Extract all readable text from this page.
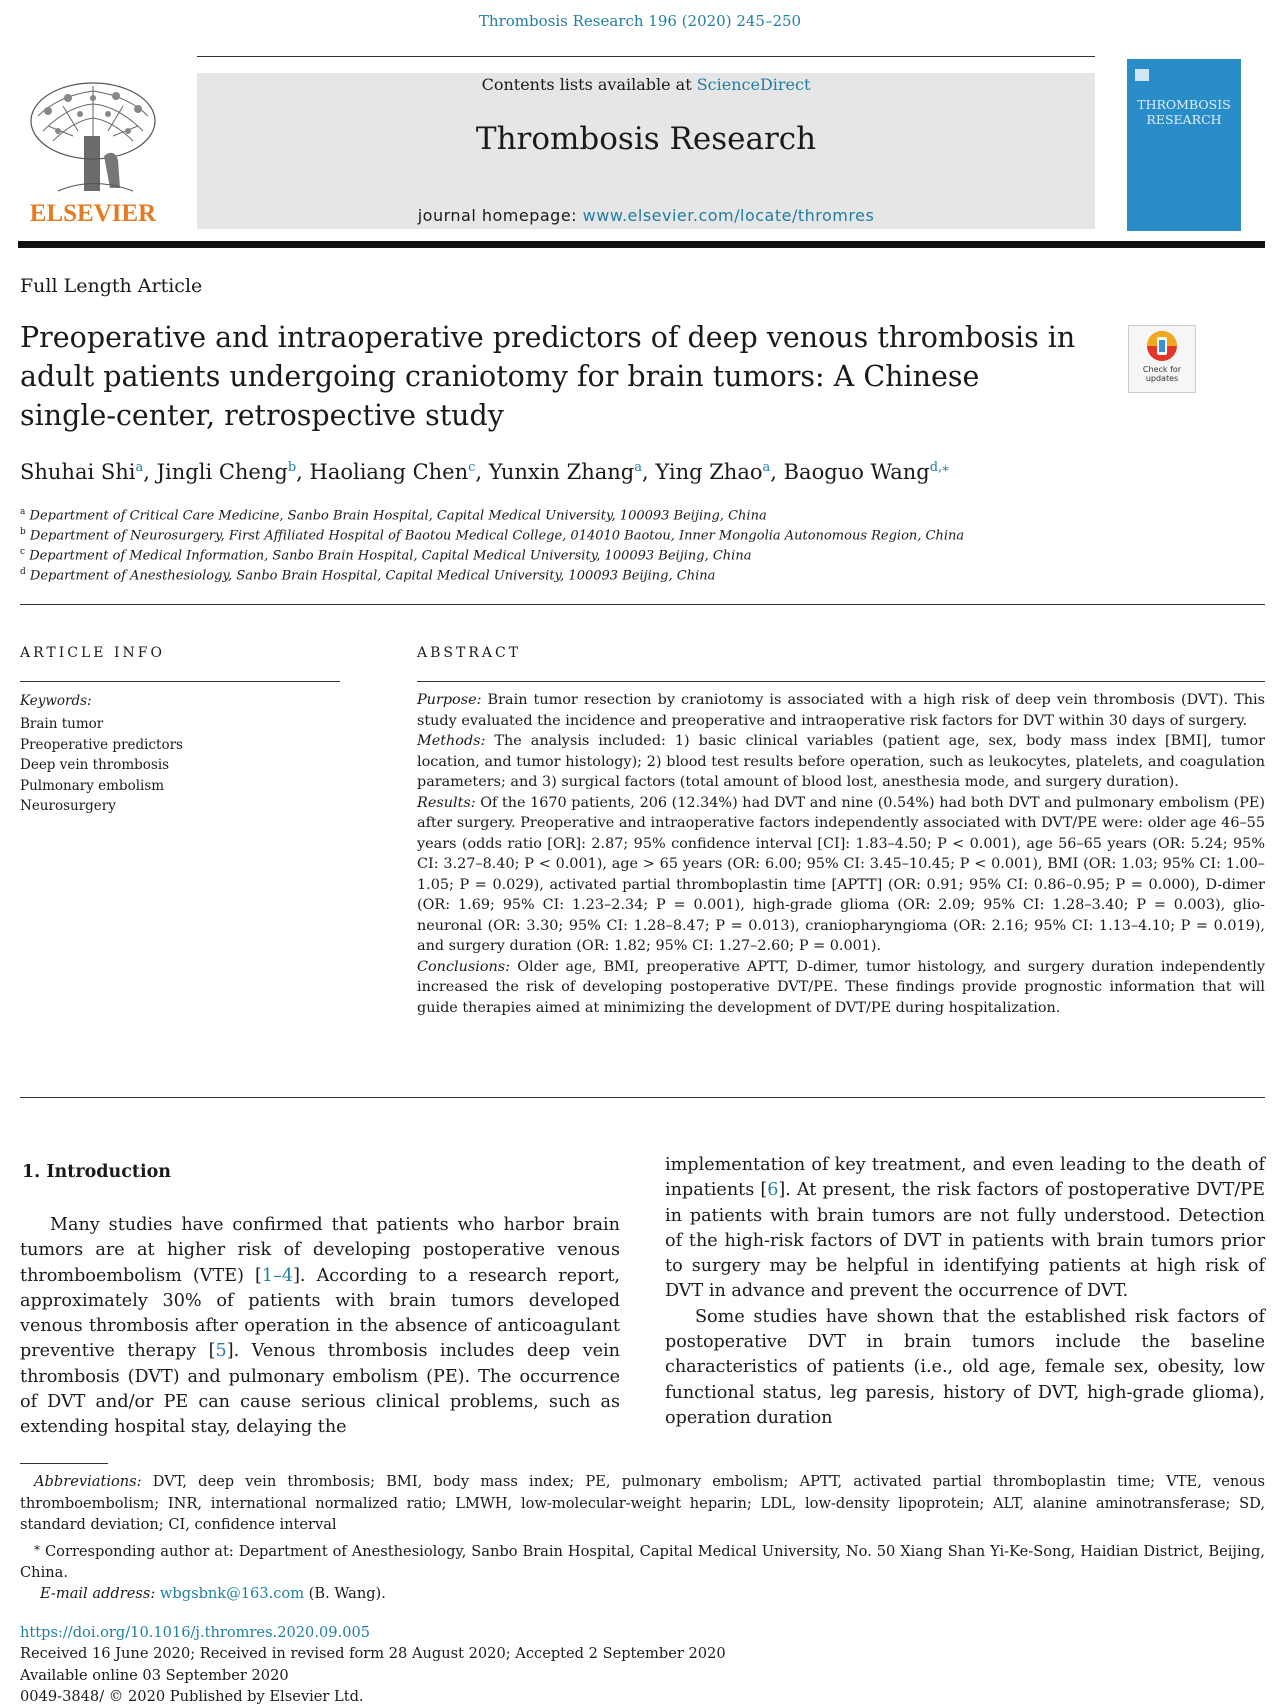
Thrombosis Research 196 (2020) 245–250
ELSEVIER
Contents lists available at ScienceDirect
Thrombosis Research
journal homepage: www.elsevier.com/locate/thromres
THROMBOSIS
RESEARCH
Full Length Article
Preoperative and intraoperative predictors of deep venous thrombosis in adult patients undergoing craniotomy for brain tumors: A Chinese single-center, retrospective study
Check for
updates
Shuhai Shi$^a$, Jingli Cheng$^b$, Haoliang Chen$^c$, Yunxin Zhang$^a$, Ying Zhao$^a$, Baoguo Wang$^{d,⁎}$
$^a$ Department of Critical Care Medicine, Sanbo Brain Hospital, Capital Medical University, 100093 Beijing, China
$^b$ Department of Neurosurgery, First Affiliated Hospital of Baotou Medical College, 014010 Baotou, Inner Mongolia Autonomous Region, China
$^c$ Department of Medical Information, Sanbo Brain Hospital, Capital Medical University, 100093 Beijing, China
$^d$ Department of Anesthesiology, Sanbo Brain Hospital, Capital Medical University, 100093 Beijing, China
ARTICLE INFO
Keywords:
Brain tumor
Preoperative predictors
Deep vein thrombosis
Pulmonary embolism
Neurosurgery
ABSTRACT

Purpose: Brain tumor resection by craniotomy is associated with a high risk of deep vein thrombosis (DVT). This study evaluated the incidence and preoperative and intraoperative risk factors for DVT within 30 days of surgery.

Methods: The analysis included: 1) basic clinical variables (patient age, sex, body mass index [BMI], tumor location, and tumor histology); 2) blood test results before operation, such as leukocytes, platelets, and coagulation parameters; and 3) surgical factors (total amount of blood lost, anesthesia mode, and surgery duration).

Results: Of the 1670 patients, 206 (12.34%) had DVT and nine (0.54%) had both DVT and pulmonary embolism (PE) after surgery. Preoperative and intraoperative factors independently associated with DVT/PE were: older age 46–55 years (odds ratio [OR]: 2.87; 95% confidence interval [CI]: 1.83–4.50; P < 0.001), age 56–65 years (OR: 5.24; 95% CI: 3.27–8.40; P < 0.001), age > 65 years (OR: 6.00; 95% CI: 3.45–10.45; P < 0.001), BMI (OR: 1.03; 95% CI: 1.00–1.05; P = 0.029), activated partial thromboplastin time [APTT] (OR: 0.91; 95% CI: 0.86–0.95; P = 0.000), D-dimer (OR: 1.69; 95% CI: 1.23–2.34; P = 0.001), high-grade glioma (OR: 2.09; 95% CI: 1.28–3.40; P = 0.003), glio-neuronal (OR: 3.30; 95% CI: 1.28–8.47; P = 0.013), craniopharyngioma (OR: 2.16; 95% CI: 1.13–4.10; P = 0.019), and surgery duration (OR: 1.82; 95% CI: 1.27–2.60; P = 0.001).

Conclusions: Older age, BMI, preoperative APTT, D-dimer, tumor histology, and surgery duration independently increased the risk of developing postoperative DVT/PE. These findings provide prognostic information that will guide therapies aimed at minimizing the development of DVT/PE during hospitalization.

1. Introduction

Many studies have confirmed that patients who harbor brain tumors are at higher risk of developing postoperative venous thromboembolism (VTE) [1–4]. According to a research report, approximately 30% of patients with brain tumors developed venous thrombosis after operation in the absence of anticoagulant preventive therapy [5]. Venous thrombosis includes deep vein thrombosis (DVT) and pulmonary embolism (PE). The occurrence of DVT and/or PE can cause serious clinical problems, such as extending hospital stay, delaying the

implementation of key treatment, and even leading to the death of inpatients [6]. At present, the risk factors of postoperative DVT/PE in patients with brain tumors are not fully understood. Detection of the high-risk factors of DVT in patients with brain tumors prior to surgery may be helpful in identifying patients at high risk of DVT in advance and prevent the occurrence of DVT.

Some studies have shown that the established risk factors of postoperative DVT in brain tumors include the baseline characteristics of patients (i.e., old age, female sex, obesity, low functional status, leg paresis, history of DVT, high-grade glioma), operation duration

Abbreviations: DVT, deep vein thrombosis; BMI, body mass index; PE, pulmonary embolism; APTT, activated partial thromboplastin time; VTE, venous thromboembolism; INR, international normalized ratio; LMWH, low-molecular-weight heparin; LDL, low-density lipoprotein; ALT, alanine aminotransferase; SD, standard deviation; CI, confidence interval

⁎ Corresponding author at: Department of Anesthesiology, Sanbo Brain Hospital, Capital Medical University, No. 50 Xiang Shan Yi-Ke-Song, Haidian District, Beijing, China.

E-mail address: wbgsbnk@163.com (B. Wang).

https://doi.org/10.1016/j.thromres.2020.09.005

Received 16 June 2020; Received in revised form 28 August 2020; Accepted 2 September 2020

Available online 03 September 2020

0049-3848/ © 2020 Published by Elsevier Ltd.
